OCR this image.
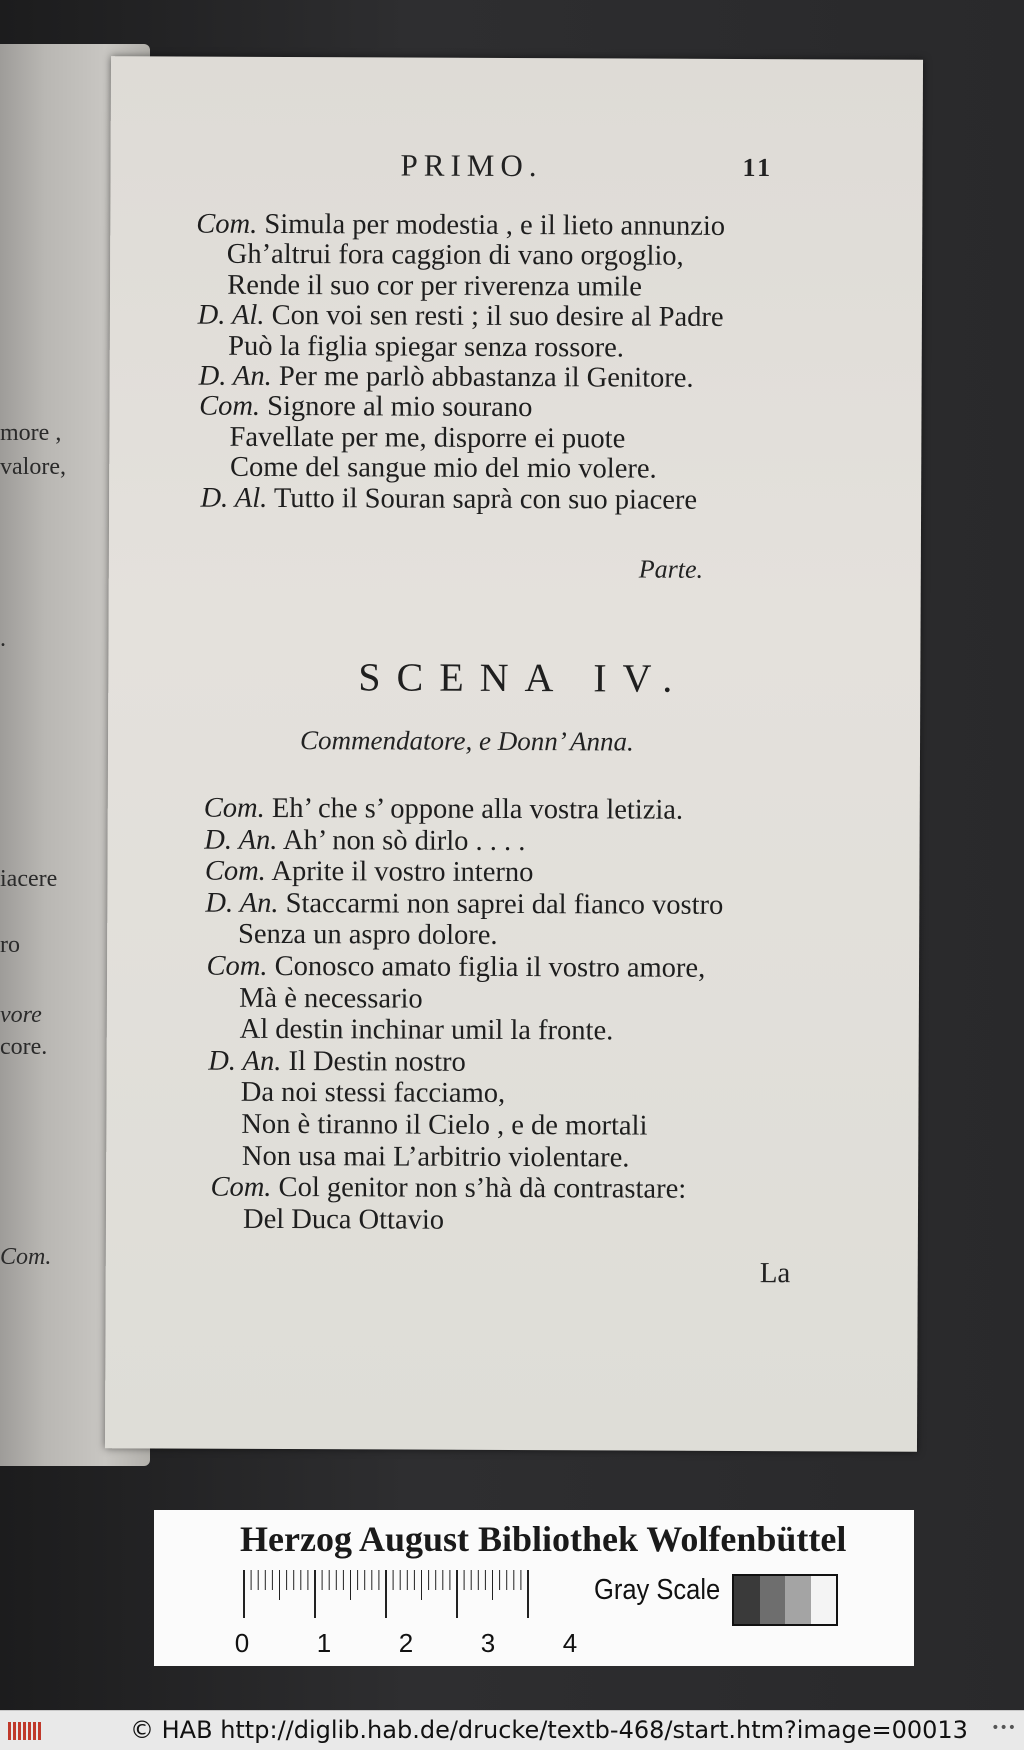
more ,
valore,
.
iacere
ro
vore
core.
Com.
PRIMO.	11
Parte.
SCENA IV.
Commendatore, e Donn’ Anna.
La
Com. Simula per modestia , e il lieto annunzio
Gh’altrui fora caggion di vano orgoglio,
Rende il suo cor per riverenza umile
D. Al. Con voi sen resti ; il suo desire al Padre
Può la figlia spiegar senza rossore.
D. An. Per me parlò abbastanza il Genitore.
Com. Signore al mio sourano
Favellate per me, disporre ei puote
Come del sangue mio del mio volere.
D. Al. Tutto il Souran saprà con suo piacere
Com. Eh’ che s’ oppone alla vostra letizia.
D. An. Ah’ non sò dirlo . . . .
Com. Aprite il vostro interno
D. An. Staccarmi non saprei dal fianco vostro
Senza un aspro dolore.
Com. Conosco amato figlia il vostro amore,
Mà è necessario
Al destin inchinar umil la fronte.
D. An. Il Destin nostro
Da noi stessi facciamo,
Non è tiranno il Cielo , e de mortali
Non usa mai L’arbitrio violentare.
Com. Col genitor non s’hà dà contrastare:
Del Duca Ottavio
Herzog August Bibliothek Wolfenbüttel
0	1	2	3	4
Gray Scale
© HAB http://diglib.hab.de/drucke/textb-468/start.htm?image=00013 •••
